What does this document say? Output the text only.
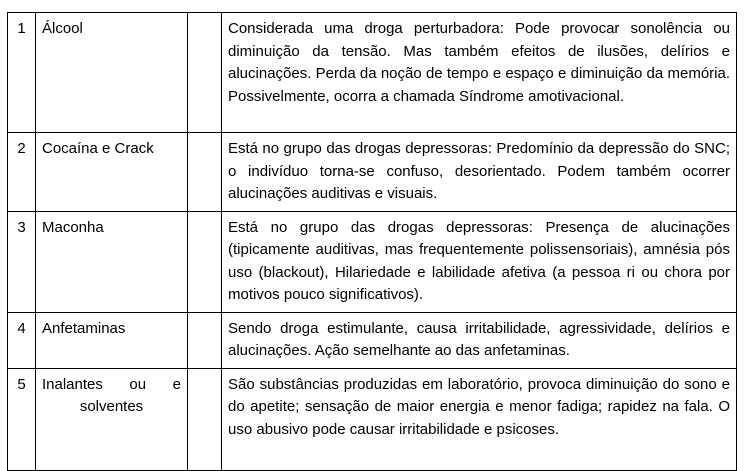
1	Álcool		Considerada uma droga perturbadora: Pode provocar sonolência ou diminuição da tensão. Mas também efeitos de ilusões, delírios e alucinações. Perda da noção de tempo e espaço e diminuição da memória. Possivelmente, ocorra a chamada Síndrome amotivacional.
2	Cocaína e Crack		Está no grupo das drogas depressoras: Predomínio da depressão do SNC; o indivíduo torna-se confuso, desorientado. Podem também ocorrer alucinações auditivas e visuais.
3	Maconha		Está no grupo das drogas depressoras: Presença de alucinações (tipicamente auditivas, mas frequentemente polissensoriais), amnésia pós uso (blackout), Hilariedade e labilidade afetiva (a pessoa ri ou chora por motivos pouco significativos).
4	Anfetaminas		Sendo droga estimulante, causa irritabilidade, agressividade, delírios e alucinações. Ação semelhante ao das anfetaminas.
5	Inalantes ou e
solventes		São substâncias produzidas em laboratório, provoca diminuição do sono e do apetite; sensação de maior energia e menor fadiga; rapidez na fala. O uso abusivo pode causar irritabilidade e psicoses.
